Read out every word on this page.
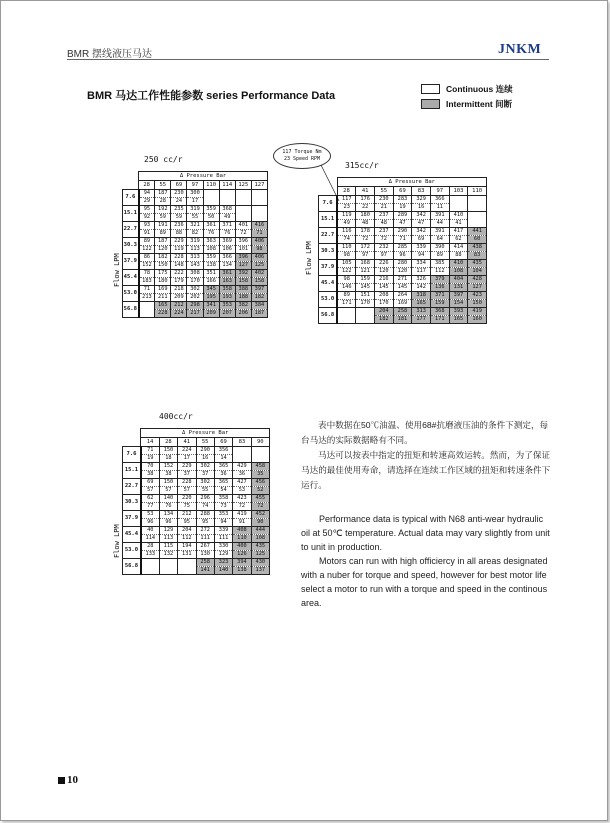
BMR 摆线液压马达	JNKM
BMR 马达工作性能参数 series Performance Data
Continuous 连续
Intermittent 间断
250 cc/r
Flow LPM
	Δ Pressure Bar							
	28	55	69	97	110	114	125	127
7.6	94	187	230	300				
	29	28	24	17				
15.1	95	192	235	319	359	368		
	92	59	59	55	50	49		
22.7	93	191	236	321	361	371	401	416
	91	89	88	82	76	76	72	71
30.3	89	187	229	319	363	369	396	406
	122	120	119	113	108	106	101	98
37.9	86	182	228	313	359	366	396	406
	152	150	148	143	138	134	127	125
45.4	78	175	222	308	351	361	392	402
	183	180	179	170	166	163	158	158
53.0	71	169	218	302	345	358	388	397
	213	211	209	202	195	193	188	182
56.8		165	212	298	341	353	382	384
		228	224	217	209	207	206	187
117 Torque Nm
23 Speed RPM
315cc/r
Flow LPM
	Δ Pressure Bar							
	28	41	55	69	83	97	103	110
7.6	117	176	230	283	329	366		
	23	22	21	19	16	11		
15.1	119	180	237	289	342	391	410	
	49	48	48	47	47	44	41	
22.7	116	178	237	290	342	391	417	441
	74	72	72	71	69	64	62	60
30.3	110	172	232	285	339	390	414	438
	98	97	97	96	94	89	88	83
37.9	105	168	226	280	334	385	410	435
	122	121	120	120	117	112	108	104
45.4	98	159	216	271	326	379	404	428
	146	145	145	145	142	136	131	127
53.0	89	151	208	264	318	371	397	423
	171	170	170	169	165	159	154	150
56.8			204	258	313	368	393	419
			182	181	177	171	165	160
400cc/r
Flow LPM
	Δ Pressure Bar						
	14	28	41	55	69	83	90
7.6	71	150	224	290	356		
	19	18	17	16	14		
15.1	70	152	229	302	365	429	458
	38	38	37	37	36	36	35
22.7	69	150	228	302	365	427	456
	57	57	57	55	54	53	52
30.3	62	140	220	296	358	423	455
	77	76	75	74	73	72	72
37.9	53	134	212	288	353	419	452
	96	96	95	95	94	91	90
45.4	40	129	204	272	339	408	444
	114	113	112	111	111	110	108
53.0	28	115	194	267	330	400	435
	133	132	131	130	129	126	125
56.8				258	323	394	430
				141	140	138	137
表中数据在50℃油温、使用68#抗磨液压油的条件下测定，每台马达的实际数据略有不同。
马达可以按表中指定的扭矩和转速高效运转。然而，为了保证马达的最佳使用寿命，请选择在连续工作区域的扭矩和转速条件下运行。

Performance data is typical with N68 anti-wear hydraulic oil at 50℃ temperature. Actual data may vary slightly from unit to unit in production.

Motors can run with high officiercy in all areas designated with a nuber for torque and speed, however for best motor life select a motor to run with a torque and speed in the continous area.

10
